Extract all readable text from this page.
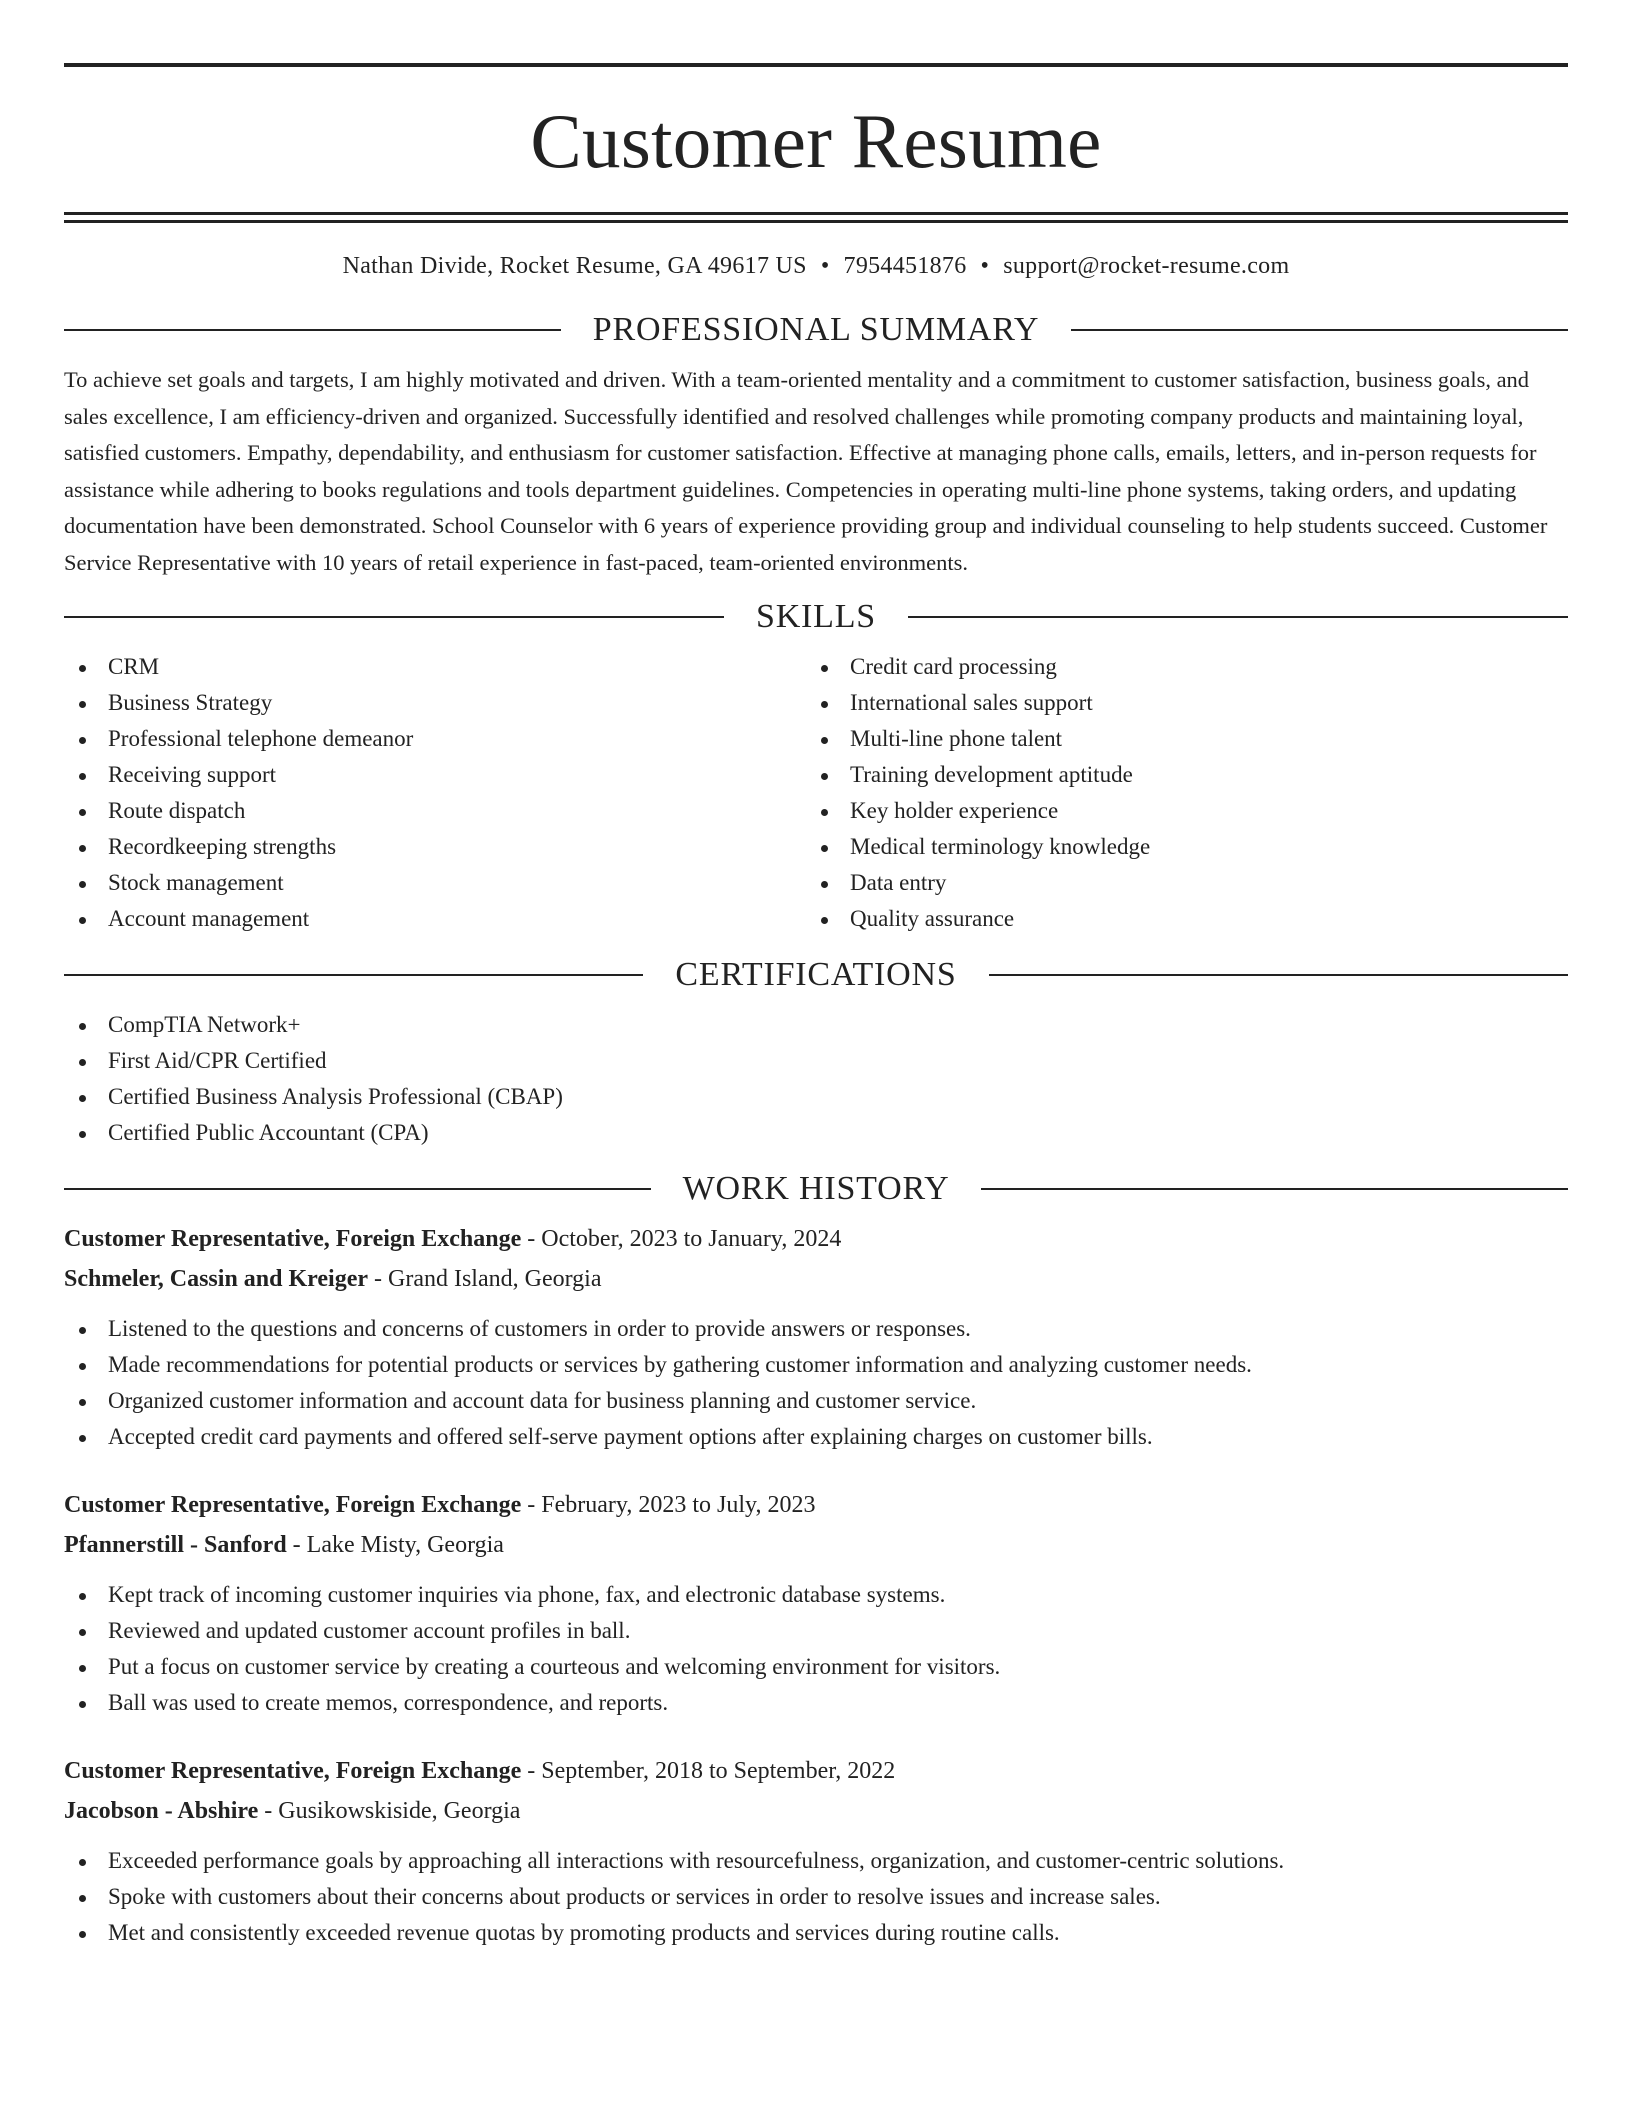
Customer Resume
Nathan Divide, Rocket Resume, GA 49617 US • 7954451876 • support@rocket-resume.com
PROFESSIONAL SUMMARY

To achieve set goals and targets, I am highly motivated and driven. With a team-oriented mentality and a commitment to customer satisfaction, business goals, and sales excellence, I am efficiency-driven and organized. Successfully identified and resolved challenges while promoting company products and maintaining loyal, satisfied customers. Empathy, dependability, and enthusiasm for customer satisfaction. Effective at managing phone calls, emails, letters, and in-person requests for assistance while adhering to books regulations and tools department guidelines. Competencies in operating multi-line phone systems, taking orders, and updating documentation have been demonstrated. School Counselor with 6 years of experience providing group and individual counseling to help students succeed. Customer Service Representative with 10 years of retail experience in fast-paced, team-oriented environments.

SKILLS
CRM
Business Strategy
Professional telephone demeanor
Receiving support
Route dispatch
Recordkeeping strengths
Stock management
Account management
Credit card processing
International sales support
Multi-line phone talent
Training development aptitude
Key holder experience
Medical terminology knowledge
Data entry
Quality assurance
CERTIFICATIONS
CompTIA Network+
First Aid/CPR Certified
Certified Business Analysis Professional (CBAP)
Certified Public Accountant (CPA)
WORK HISTORY
Customer Representative, Foreign Exchange - October, 2023 to January, 2024
Schmeler, Cassin and Kreiger - Grand Island, Georgia
Listened to the questions and concerns of customers in order to provide answers or responses.
Made recommendations for potential products or services by gathering customer information and analyzing customer needs.
Organized customer information and account data for business planning and customer service.
Accepted credit card payments and offered self-serve payment options after explaining charges on customer bills.
Customer Representative, Foreign Exchange - February, 2023 to July, 2023
Pfannerstill - Sanford - Lake Misty, Georgia
Kept track of incoming customer inquiries via phone, fax, and electronic database systems.
Reviewed and updated customer account profiles in ball.
Put a focus on customer service by creating a courteous and welcoming environment for visitors.
Ball was used to create memos, correspondence, and reports.
Customer Representative, Foreign Exchange - September, 2018 to September, 2022
Jacobson - Abshire - Gusikowskiside, Georgia
Exceeded performance goals by approaching all interactions with resourcefulness, organization, and customer-centric solutions.
Spoke with customers about their concerns about products or services in order to resolve issues and increase sales.
Met and consistently exceeded revenue quotas by promoting products and services during routine calls.
